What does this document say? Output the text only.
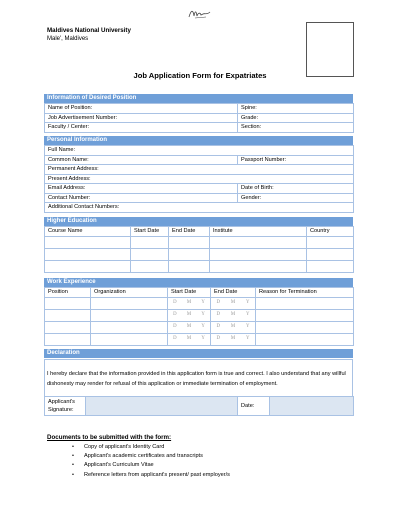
Maldives National University
Male', Maldives
Job Application Form for Expatriates
Information of Desired Position
Name of Position:	Spine:
Job Advertisement Number:	Grade:
Faculty / Center:	Section:
Personal Information
Full Name:	
Common Name:	Passport Number:
Permanent Address:	
Present Address:	
Email Address:	Date of Birth:
Contact Number:	Gender:
Additional Contact Numbers:	
Higher Education
Course Name	Start Date	End Date	Institute	Country

Work Experience
Position	Organization	Start Date	End Date	Reason for Termination

		D M Y	D M Y	

		D M Y	D M Y	

		D M Y	D M Y	

		D M Y	D M Y	

Declaration
I hereby declare that the information provided in this application form is true and correct. I also understand that any willful dishonesty may render for refusal of this application or immediate termination of employment.
Applicant's Signature:		Date:	
Documents to be submitted with the form:
• Copy of applicant's Identity Card
• Applicant's academic certificates and transcripts
• Applicant's Curriculum Vitae
• Reference letters from applicant's present/ past employer/s
